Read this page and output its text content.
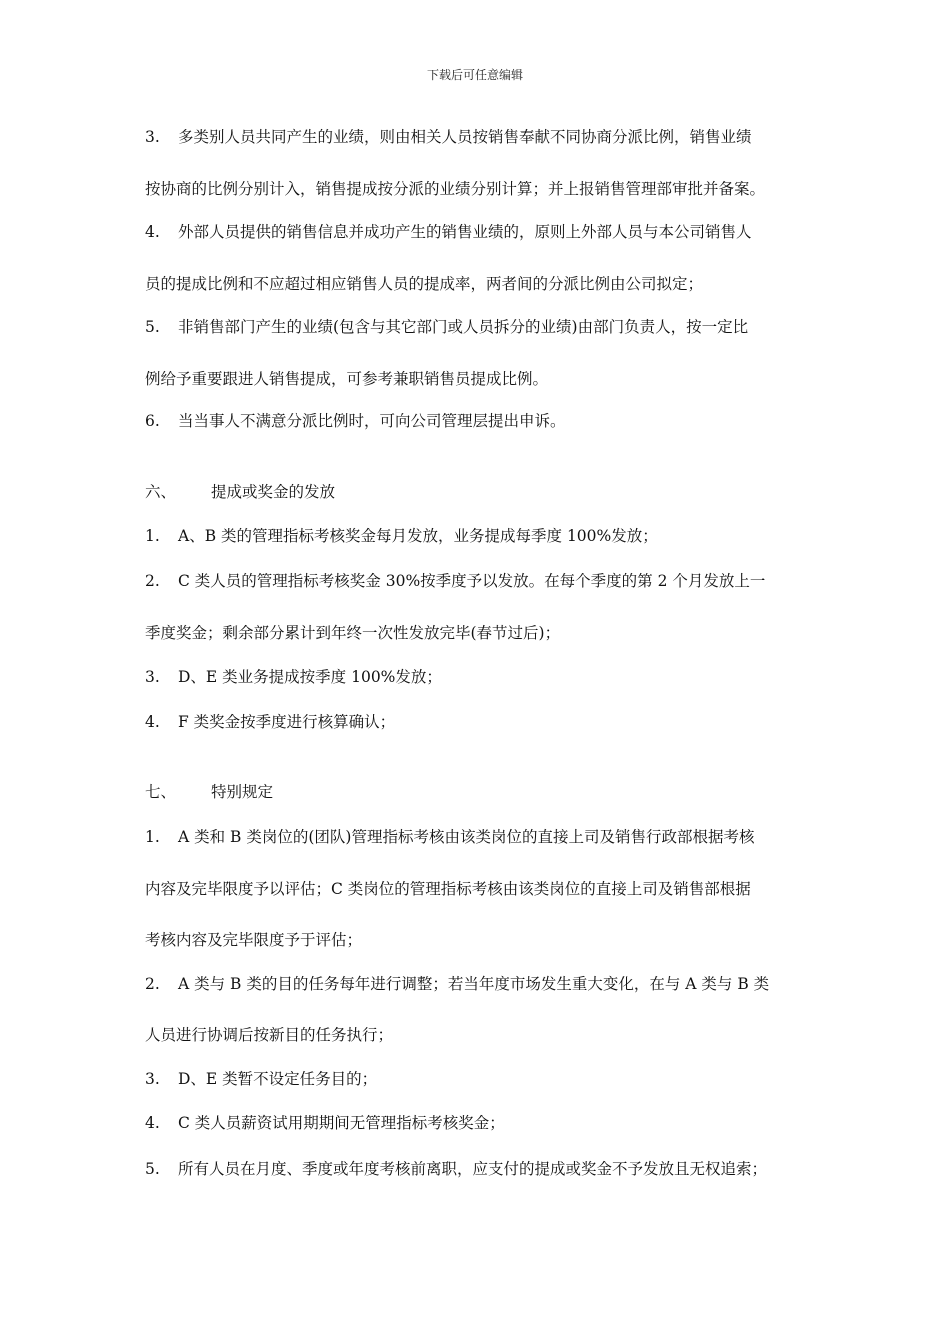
下载后可任意编辑
3. 多类别人员共同产生的业绩，则由相关人员按销售奉献不同协商分派比例，销售业绩
按协商的比例分别计入，销售提成按分派的业绩分别计算；并上报销售管理部审批并备案。
4. 外部人员提供的销售信息并成功产生的销售业绩的，原则上外部人员与本公司销售人
员的提成比例和不应超过相应销售人员的提成率，两者间的分派比例由公司拟定；
5. 非销售部门产生的业绩(包含与其它部门或人员拆分的业绩)由部门负责人，按一定比
例给予重要跟进人销售提成，可参考兼职销售员提成比例。
6. 当当事人不满意分派比例时，可向公司管理层提出申诉。
六、 提成或奖金的发放
1. A、B 类的管理指标考核奖金每月发放，业务提成每季度 100%发放；
2. C 类人员的管理指标考核奖金 30%按季度予以发放。在每个季度的第 2 个月发放上一
季度奖金；剩余部分累计到年终一次性发放完毕(春节过后)；
3. D、E 类业务提成按季度 100%发放；
4. F 类奖金按季度进行核算确认；
七、 特别规定
1. A 类和 B 类岗位的(团队)管理指标考核由该类岗位的直接上司及销售行政部根据考核
内容及完毕限度予以评估；C 类岗位的管理指标考核由该类岗位的直接上司及销售部根据
考核内容及完毕限度予于评估；
2. A 类与 B 类的目的任务每年进行调整；若当年度市场发生重大变化，在与 A 类与 B 类
人员进行协调后按新目的任务执行；
3. D、E 类暂不设定任务目的；
4. C 类人员薪资试用期期间无管理指标考核奖金；
5. 所有人员在月度、季度或年度考核前离职，应支付的提成或奖金不予发放且无权追索；
